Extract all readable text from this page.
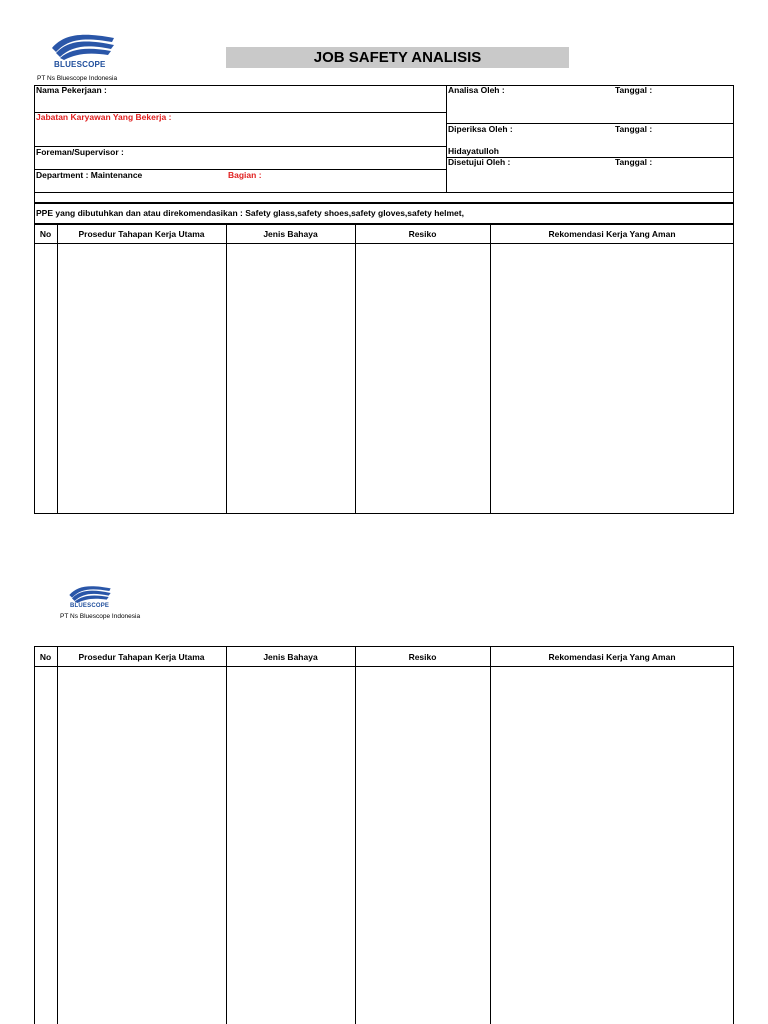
BLUESCOPE
PT Ns Bluescope Indonesia
JOB SAFETY ANALISIS
Nama Pekerjaan :
Jabatan Karyawan Yang Bekerja :
Foreman/Supervisor :
Department : Maintenance	Bagian :
Analisa Oleh :	Tanggal :
Diperiksa Oleh :	Tanggal :
Hidayatulloh
Disetujui Oleh :	Tanggal :
PPE yang dibutuhkan dan atau direkomendasikan : Safety glass,safety shoes,safety gloves,safety helmet,
No	Prosedur Tahapan Kerja Utama	Jenis Bahaya	Resiko	Rekomendasi Kerja Yang Aman
BLUESCOPE
PT Ns Bluescope Indonesia
No	Prosedur Tahapan Kerja Utama	Jenis Bahaya	Resiko	Rekomendasi Kerja Yang Aman
